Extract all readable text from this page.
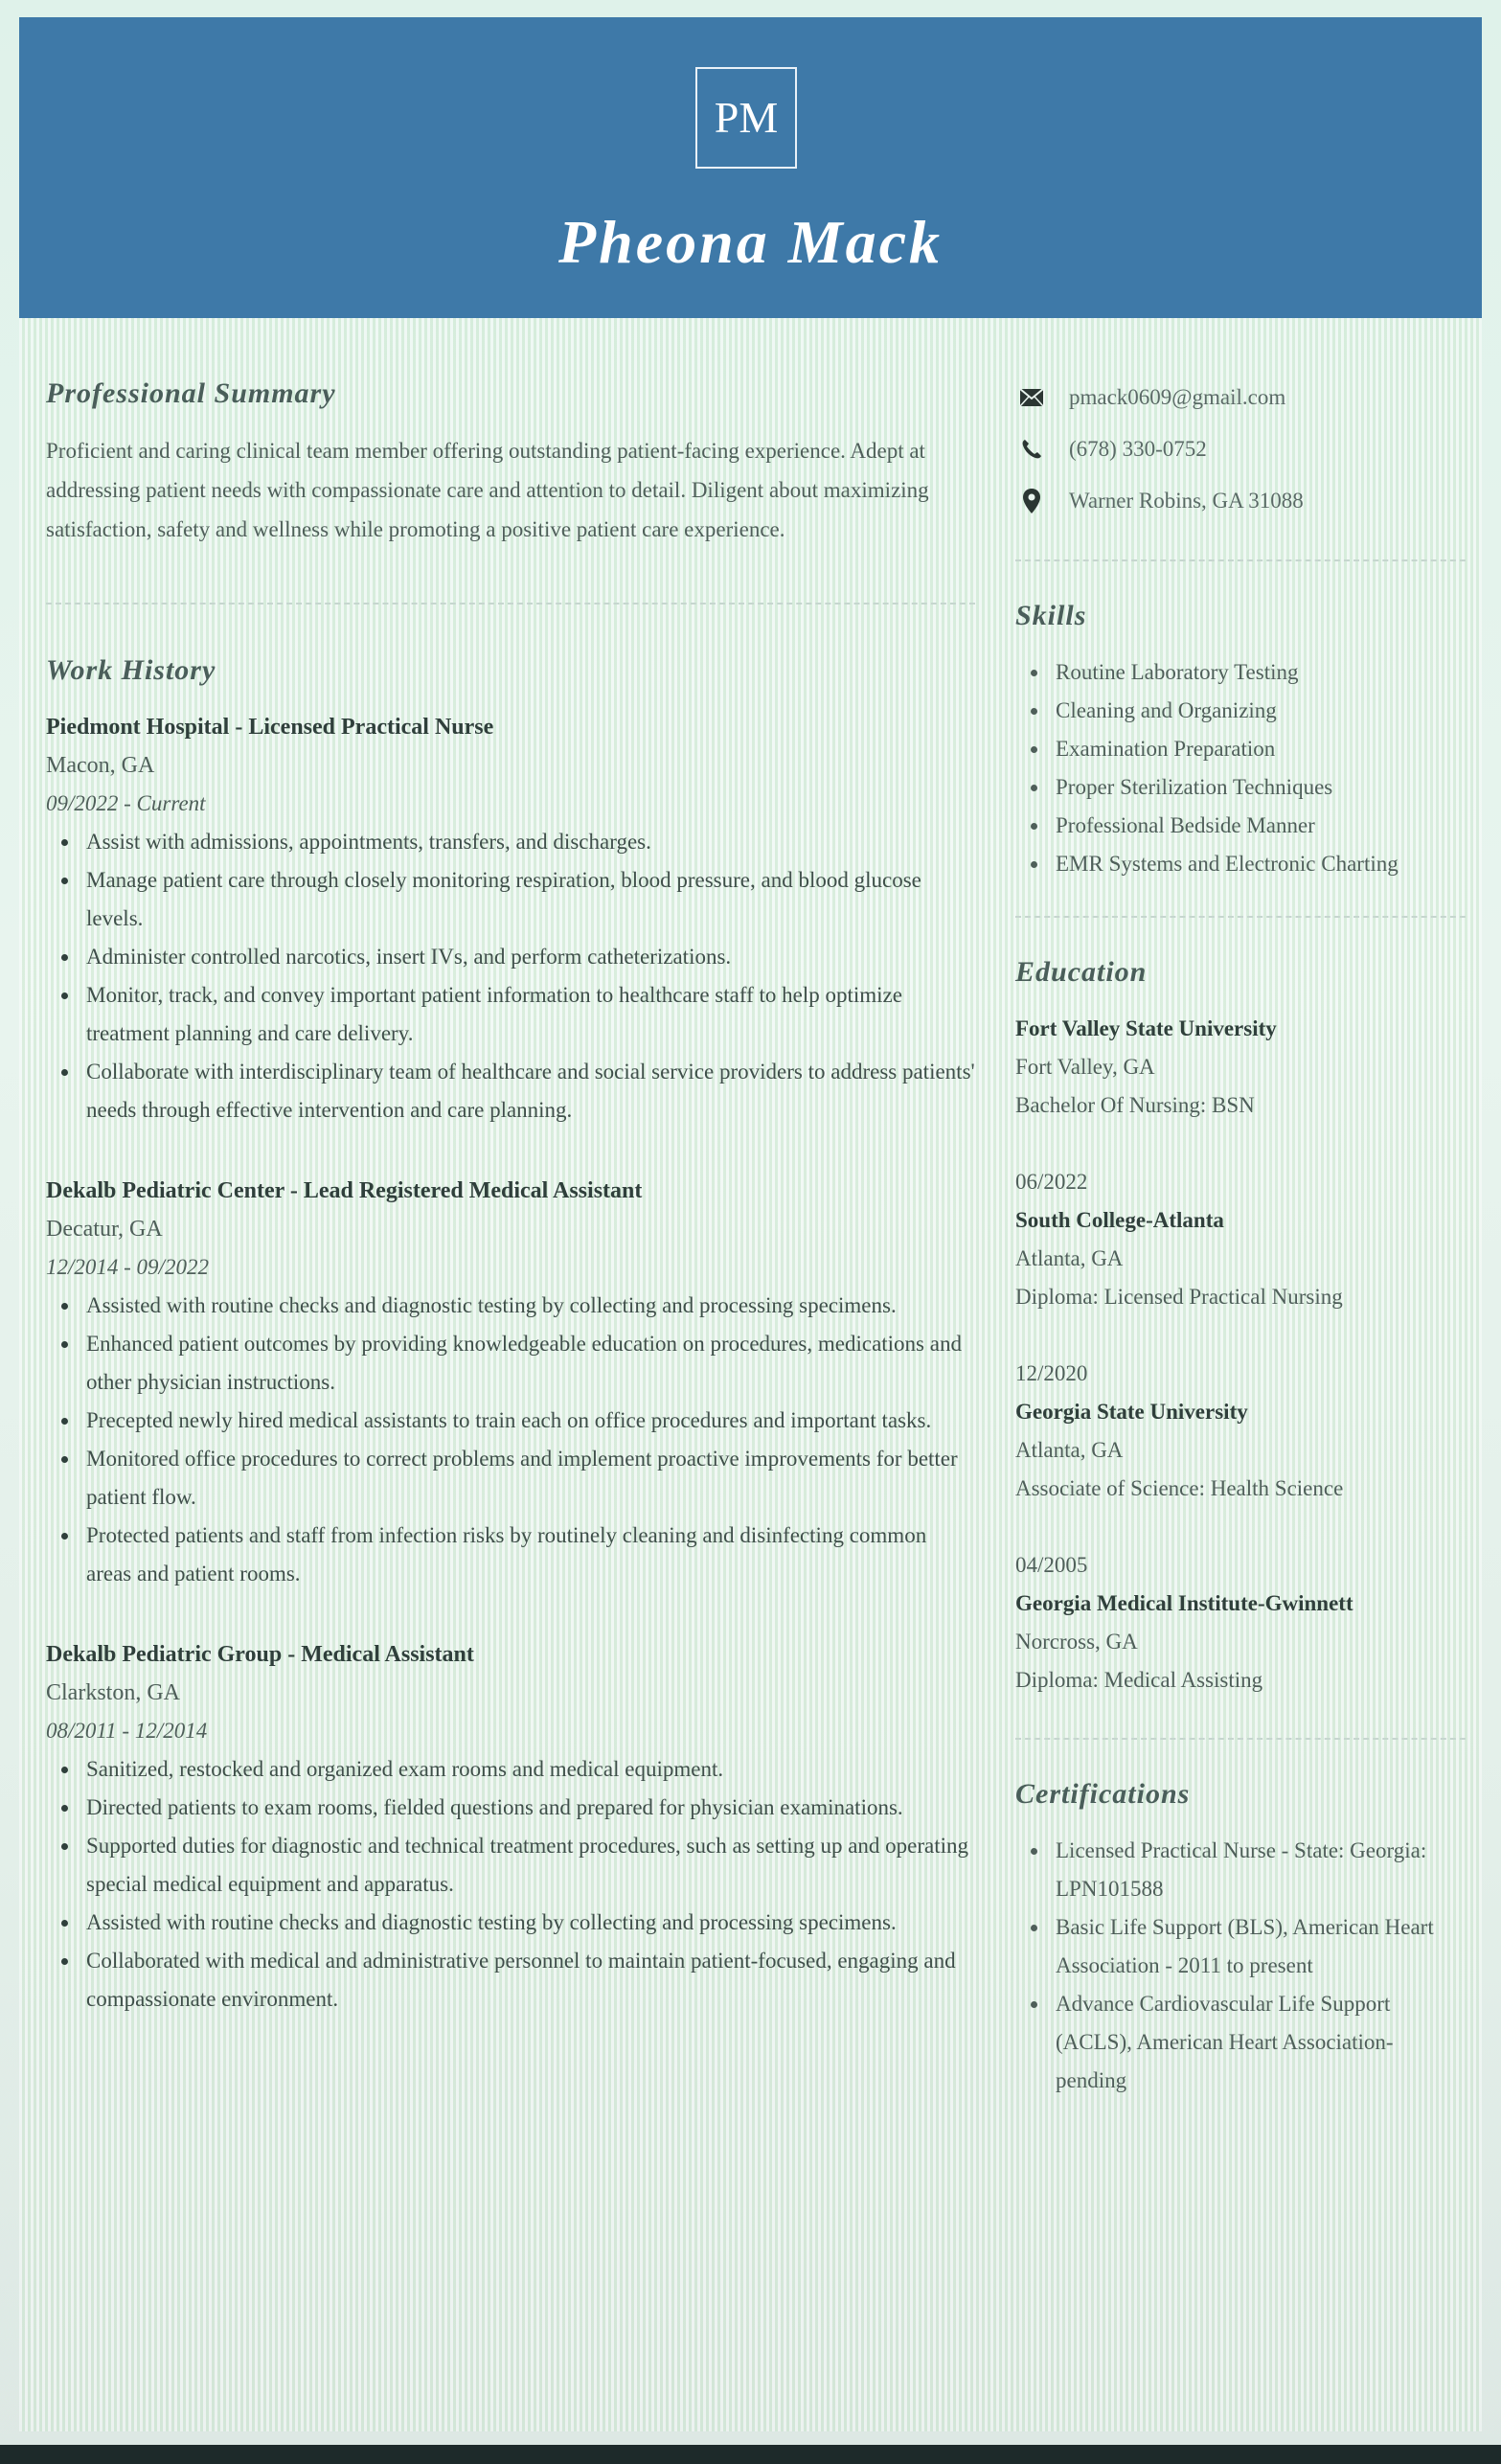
PM
Pheona Mack
Professional Summary

Proficient and caring clinical team member offering outstanding patient-facing experience. Adept at addressing patient needs with compassionate care and attention to detail. Diligent about maximizing satisfaction, safety and wellness while promoting a positive patient care experience.

Work History

Piedmont Hospital - Licensed Practical Nurse

Macon, GA

09/2022 - Current

• Assist with admissions, appointments, transfers, and discharges.
• Manage patient care through closely monitoring respiration, blood pressure, and blood glucose levels.
• Administer controlled narcotics, insert IVs, and perform catheterizations.
• Monitor, track, and convey important patient information to healthcare staff to help optimize treatment planning and care delivery.
• Collaborate with interdisciplinary team of healthcare and social service providers to address patients' needs through effective intervention and care planning.

Dekalb Pediatric Center - Lead Registered Medical Assistant

Decatur, GA

12/2014 - 09/2022

• Assisted with routine checks and diagnostic testing by collecting and processing specimens.
• Enhanced patient outcomes by providing knowledgeable education on procedures, medications and other physician instructions.
• Precepted newly hired medical assistants to train each on office procedures and important tasks.
• Monitored office procedures to correct problems and implement proactive improvements for better patient flow.
• Protected patients and staff from infection risks by routinely cleaning and disinfecting common areas and patient rooms.

Dekalb Pediatric Group - Medical Assistant

Clarkston, GA

08/2011 - 12/2014

• Sanitized, restocked and organized exam rooms and medical equipment.
• Directed patients to exam rooms, fielded questions and prepared for physician examinations.
• Supported duties for diagnostic and technical treatment procedures, such as setting up and operating special medical equipment and apparatus.
• Assisted with routine checks and diagnostic testing by collecting and processing specimens.
• Collaborated with medical and administrative personnel to maintain patient-focused, engaging and compassionate environment.
pmack0609@gmail.com
(678) 330-0752
Warner Robins, GA 31088
Skills
• Routine Laboratory Testing
• Cleaning and Organizing
• Examination Preparation
• Proper Sterilization Techniques
• Professional Bedside Manner
• EMR Systems and Electronic Charting
Education

Fort Valley State University

Fort Valley, GA

Bachelor Of Nursing: BSN

06/2022

South College-Atlanta

Atlanta, GA

Diploma: Licensed Practical Nursing

12/2020

Georgia State University

Atlanta, GA

Associate of Science: Health Science

04/2005

Georgia Medical Institute-Gwinnett

Norcross, GA

Diploma: Medical Assisting

Certifications
• Licensed Practical Nurse - State: Georgia: LPN101588
• Basic Life Support (BLS), American Heart Association - 2011 to present
• Advance Cardiovascular Life Support (ACLS), American Heart Association- pending
